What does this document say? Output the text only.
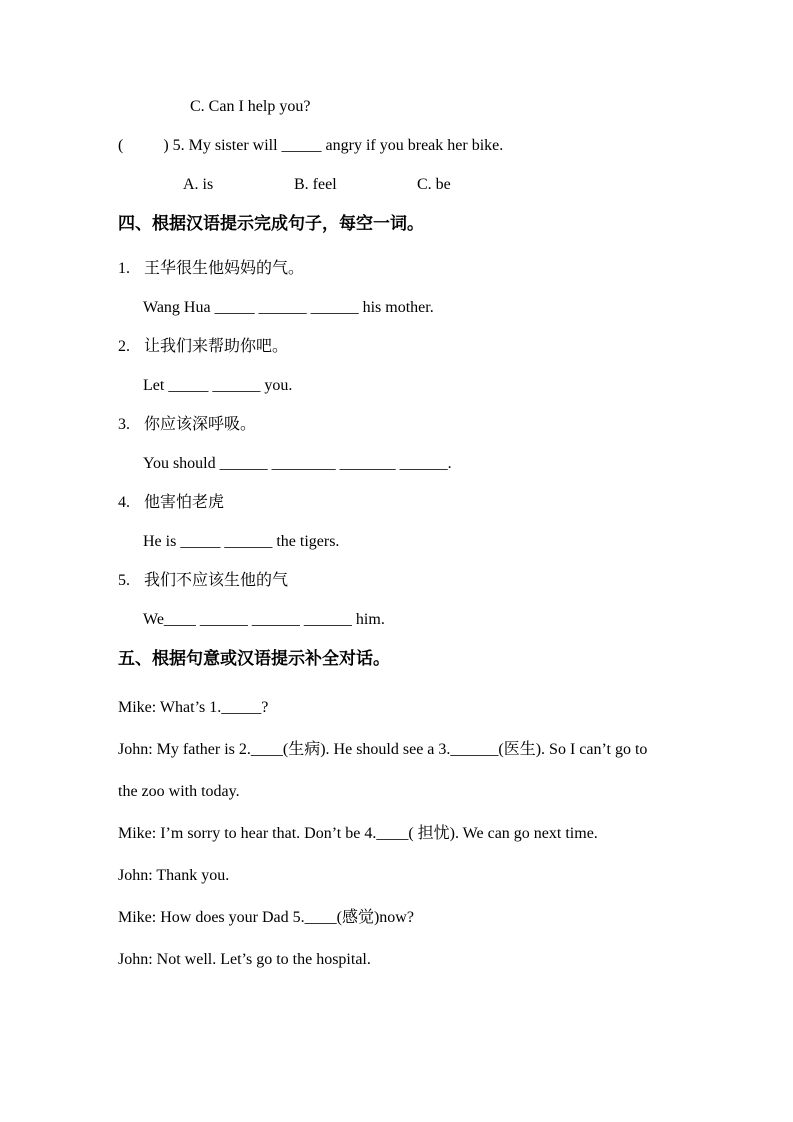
C. Can I help you?

(          ) 5. My sister will _____ angry if you break her bike.

A. is	B. feel	C. be

四、根据汉语提示完成句子，每空一词。

1. 王华很生他妈妈的气。

Wang Hua _____ ______ ______ his mother.

2. 让我们来帮助你吧。

Let _____ ______ you.

3. 你应该深呼吸。

You should ______ ________ _______ ______.

4. 他害怕老虎

He is _____ ______ the tigers.

5. 我们不应该生他的气

We____ ______ ______ ______ him.

五、根据句意或汉语提示补全对话。

Mike: What’s 1._____?

John: My father is 2.____(生病). He should see a 3.______(医生). So I can’t go to

the zoo with today.

Mike: I’m sorry to hear that. Don’t be 4.____( 担忧). We can go next time.

John: Thank you.

Mike: How does your Dad 5.____(感觉)now?

John: Not well. Let’s go to the hospital.
